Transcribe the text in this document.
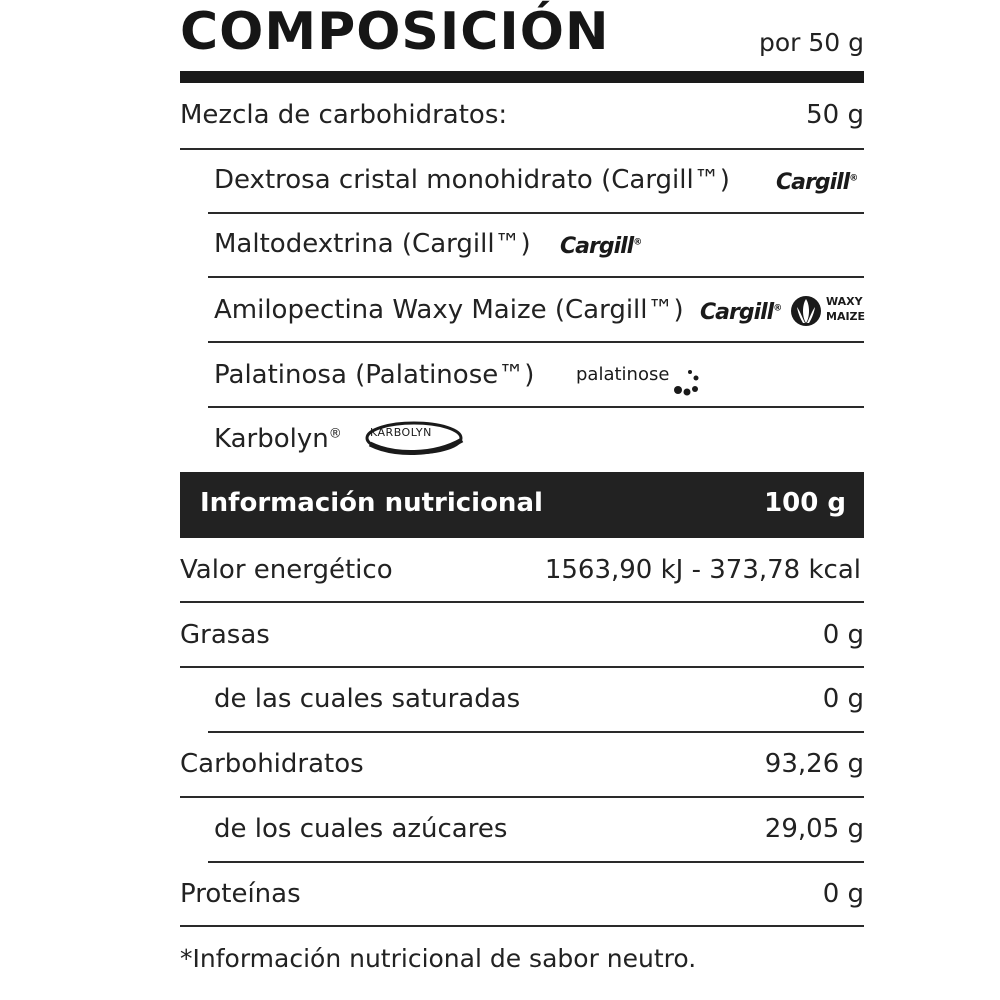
COMPOSICIÓN	por 50 g
Mezcla de carbohidratos:	50 g
Dextrosa cristal monohidrato (Cargill™) Cargill®
Maltodextrina (Cargill™) Cargill®
Amilopectina Waxy Maize (Cargill™) Cargill®
WAXY
MAIZE
Palatinosa (Palatinose™) palatinose
Karbolyn®	KARBOLYN
Información nutricional	100 g
Valor energético	1563,90 kJ - 373,78 kcal
Grasas	0 g
de las cuales saturadas	0 g
Carbohidratos	93,26 g
de los cuales azúcares	29,05 g
Proteínas	0 g
*Información nutricional de sabor neutro.
